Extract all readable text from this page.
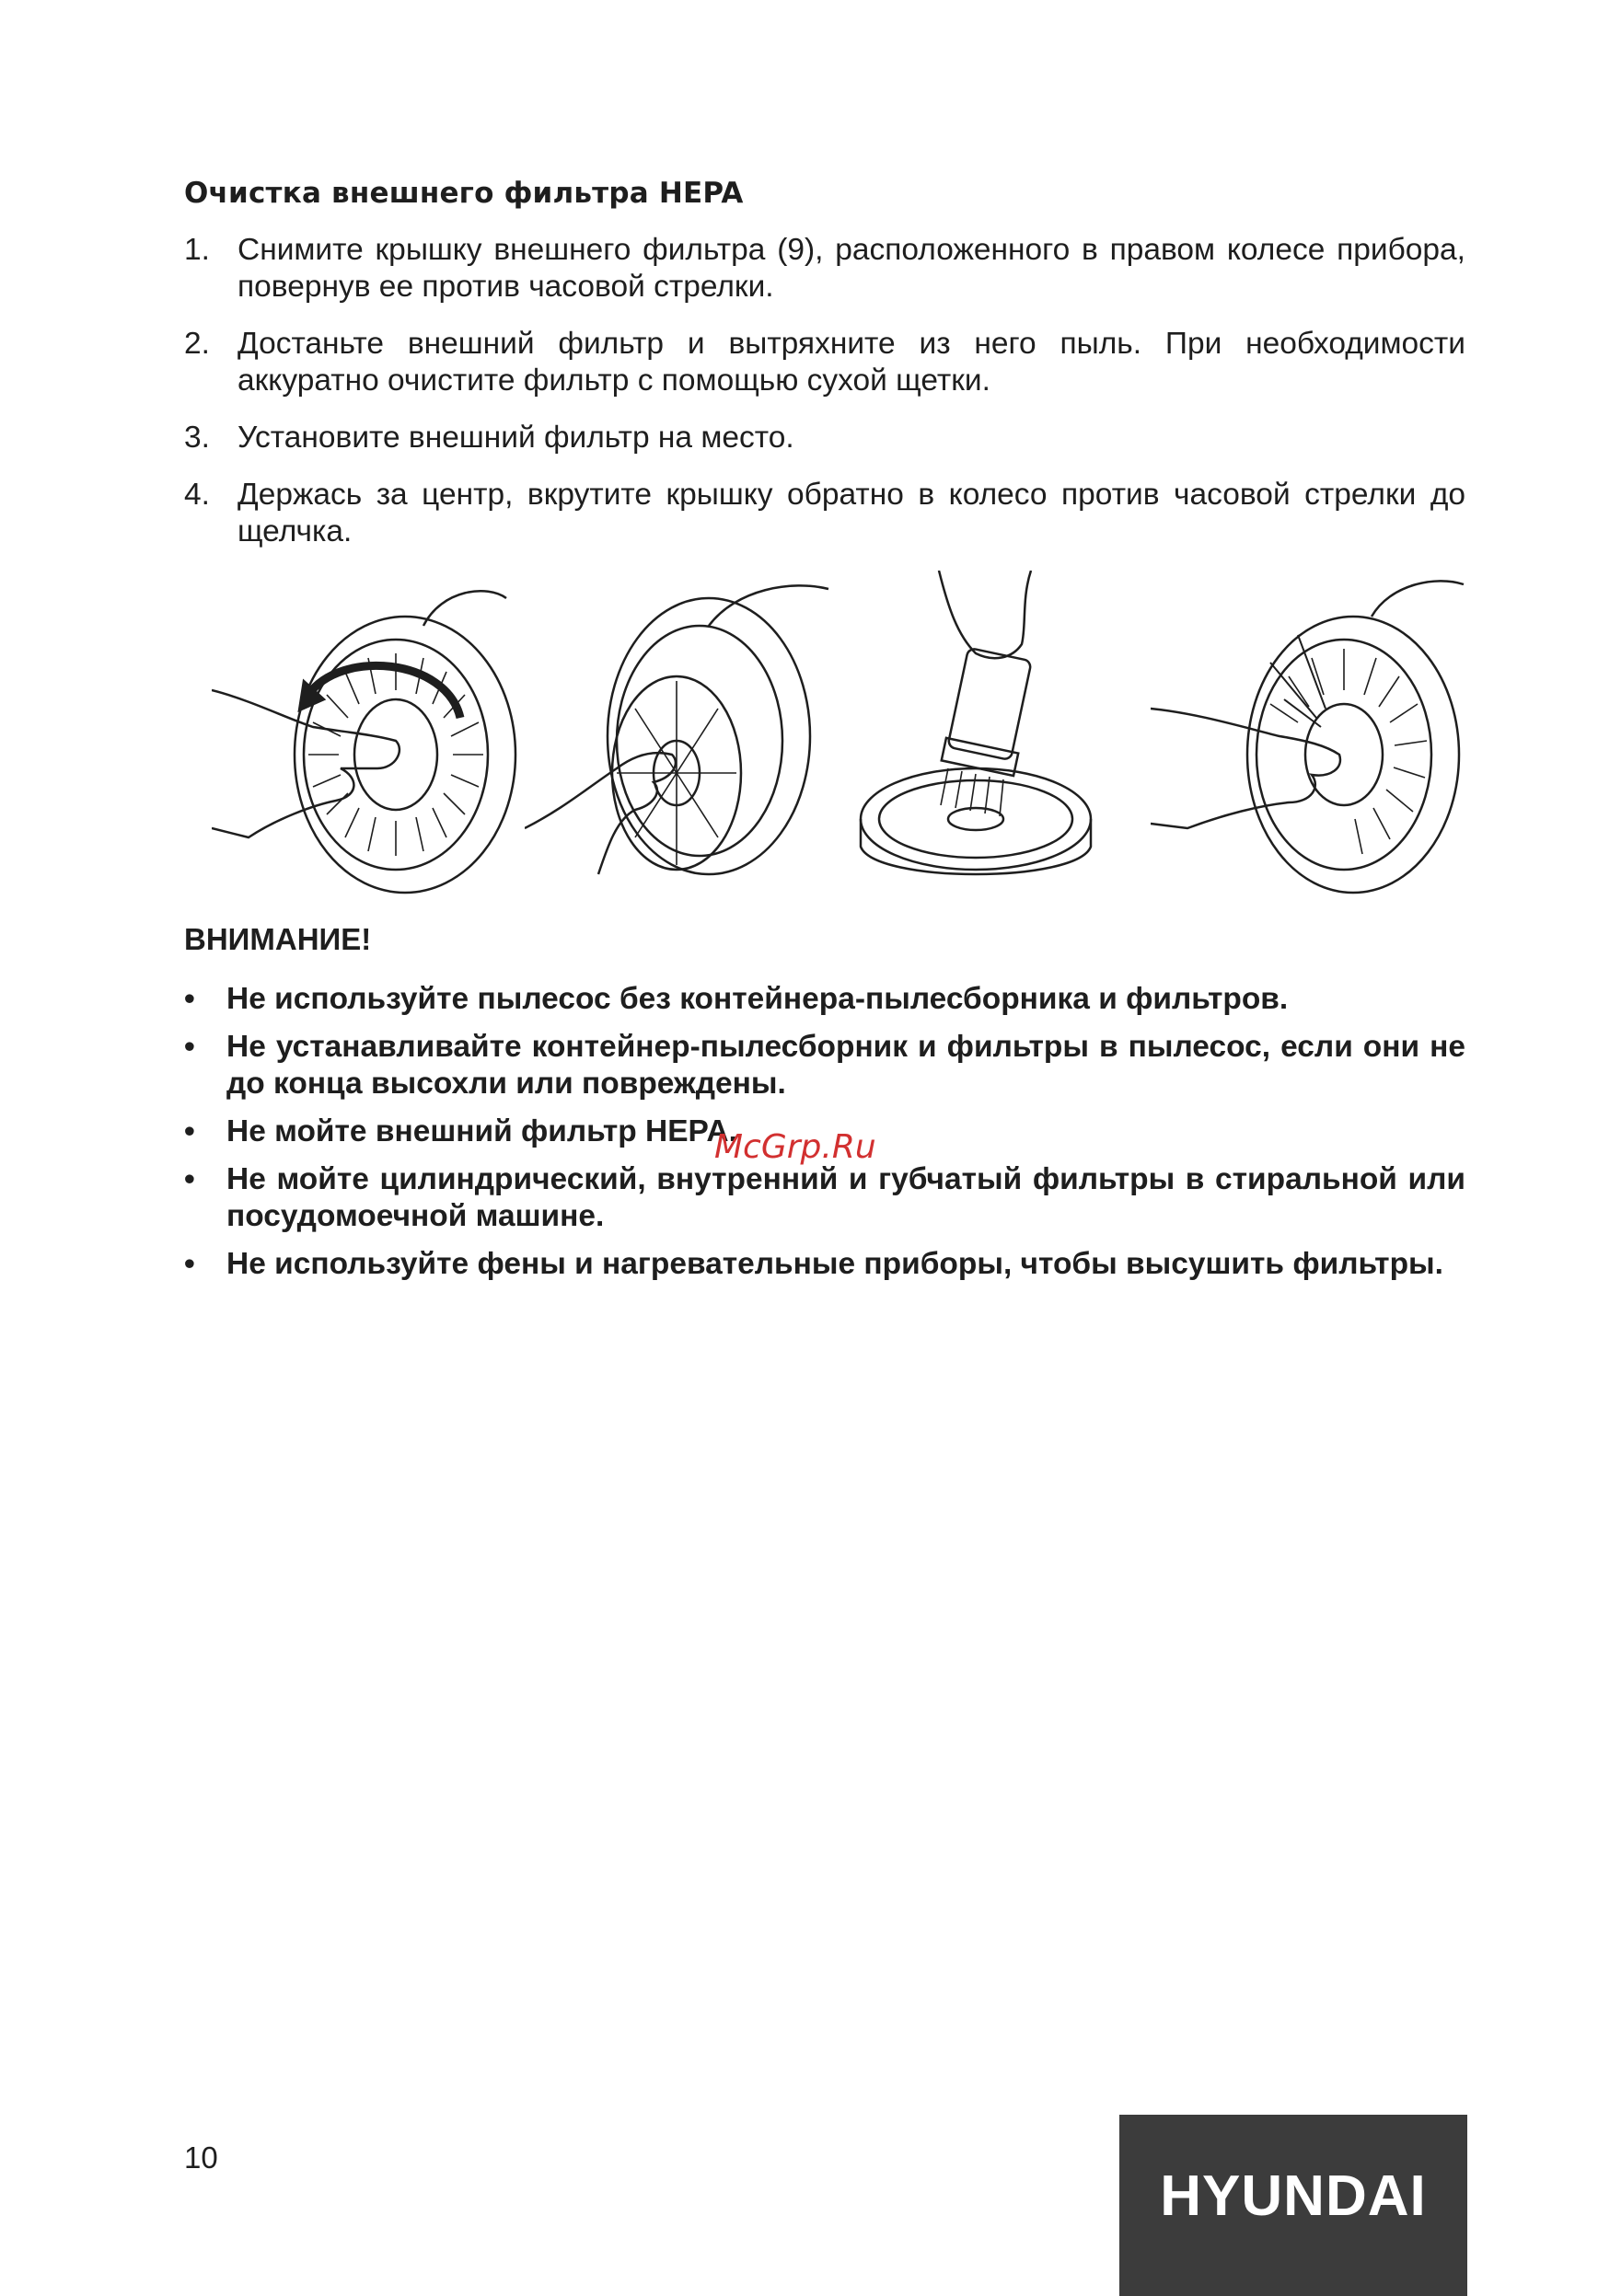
Очистка внешнего фильтра HEPA
1. Снимите крышку внешнего фильтра (9), расположенного в правом колесе прибора, повернув ее против часовой стрелки.
2. Достаньте внешний фильтр и вытряхните из него пыль. При необходимости аккуратно очистите фильтр с помощью сухой щетки.
3. Установите внешний фильтр на место.
4. Держась за центр, вкрутите крышку обратно в колесо против часовой стрелки до щелчка.
ВНИМАНИЕ!
• Не используйте пылесос без контейнера-пылесборника и фильтров.
• Не устанавливайте контейнер-пылесборник и фильтры в пылесос, если они не до конца высохли или повреждены.
• Не мойте внешний фильтр HEPA.
• Не мойте цилиндрический, внутренний и губчатый фильтры в стиральной или посудомоечной машине.
• Не используйте фены и нагревательные приборы, чтобы высушить фильтры.
McGrp.Ru
10
HYUNDAI
